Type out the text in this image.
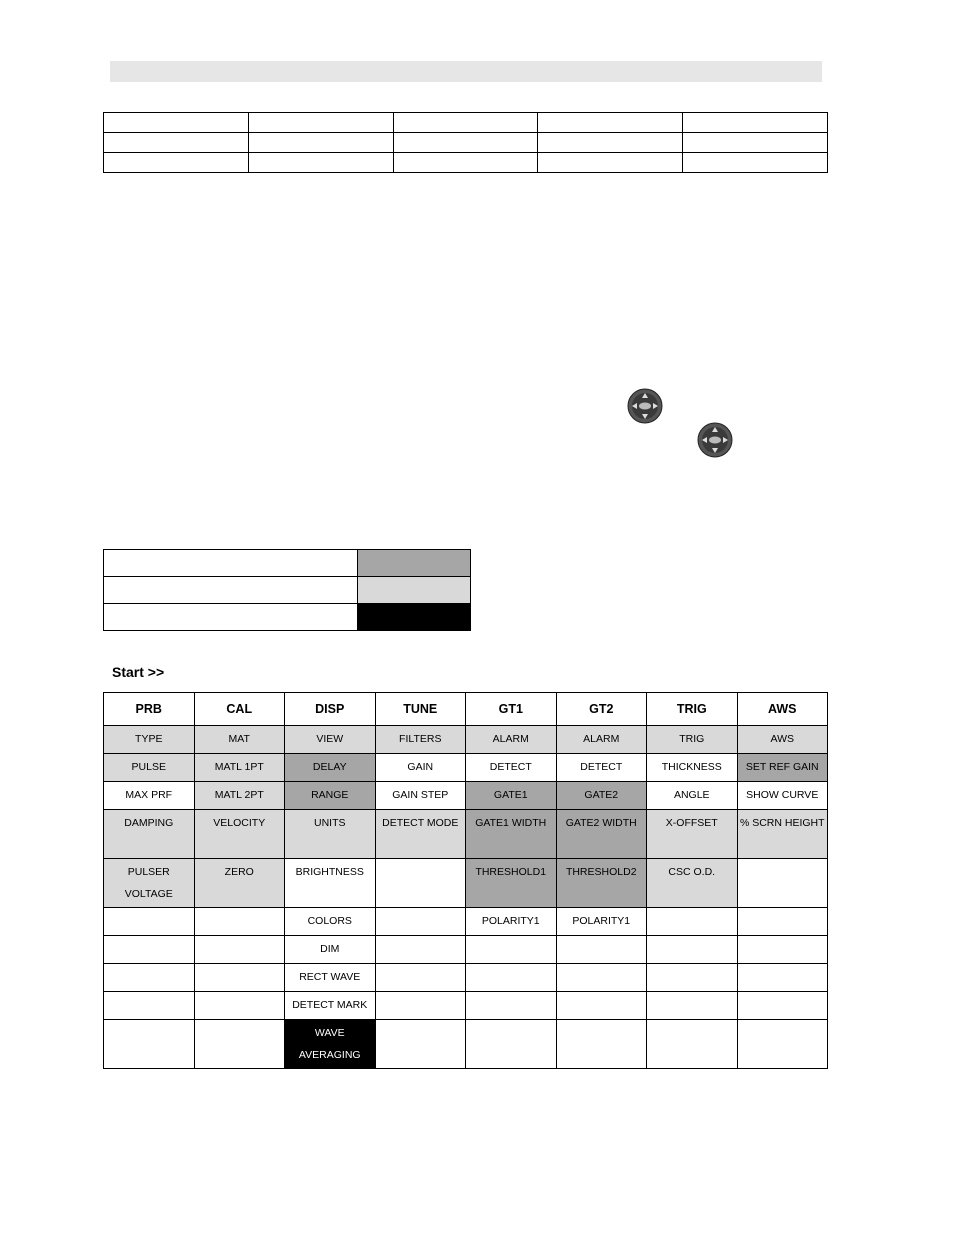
Start >>
PRB	CAL	DISP	TUNE	GT1	GT2	TRIG	AWS
TYPE	MAT	VIEW	FILTERS	ALARM	ALARM	TRIG	AWS
PULSE	MATL 1PT	DELAY	GAIN	DETECT	DETECT	THICKNESS	SET REF GAIN
MAX PRF	MATL 2PT	RANGE	GAIN STEP	GATE1	GATE2	ANGLE	SHOW CURVE
DAMPING	VELOCITY	UNITS	DETECT MODE	GATE1 WIDTH	GATE2 WIDTH	X-OFFSET	% SCRN HEIGHT
PULSER VOLTAGE	ZERO	BRIGHTNESS		THRESHOLD1	THRESHOLD2	CSC O.D.	
		COLORS		POLARITY1	POLARITY1		
		DIM					
		RECT WAVE					
		DETECT MARK					
		WAVE AVERAGING					
